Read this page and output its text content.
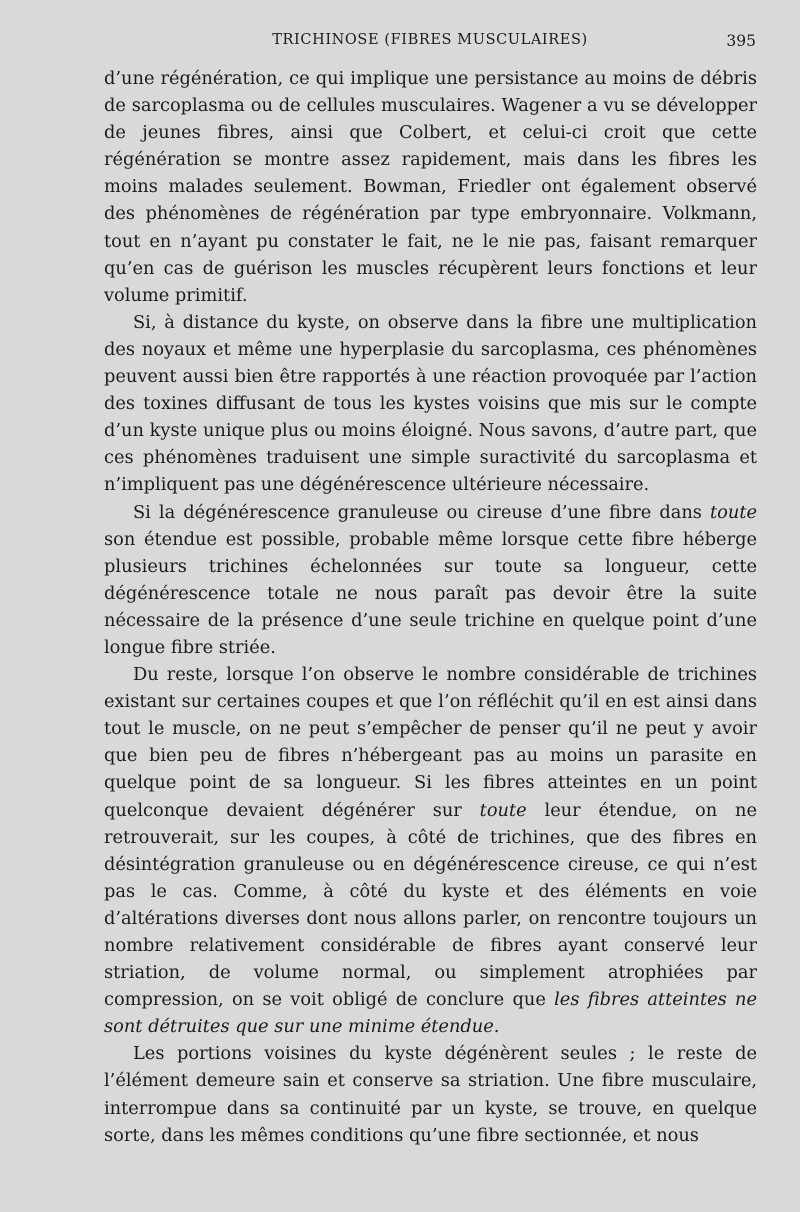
TRICHINOSE (FIBRES MUSCULAIRES)	395

d’une régénération, ce qui implique une persistance au moins de débris de sarcoplasma ou de cellules musculaires. Wagener a vu se développer de jeunes fibres, ainsi que Colbert, et celui-ci croit que cette régénération se montre assez rapidement, mais dans les fibres les moins malades seulement. Bowman, Friedler ont également observé des phénomènes de régénération par type embryonnaire. Volkmann, tout en n’ayant pu constater le fait, ne le nie pas, faisant remarquer qu’en cas de guérison les muscles récupèrent leurs fonctions et leur volume primitif.

Si, à distance du kyste, on observe dans la fibre une multiplication des noyaux et même une hyperplasie du sarcoplasma, ces phénomènes peuvent aussi bien être rapportés à une réaction provoquée par l’action des toxines diffusant de tous les kystes voisins que mis sur le compte d’un kyste unique plus ou moins éloigné. Nous savons, d’autre part, que ces phénomènes traduisent une simple suractivité du sarcoplasma et n’impliquent pas une dégénérescence ultérieure nécessaire.

Si la dégénérescence granuleuse ou cireuse d’une fibre dans toute son étendue est possible, probable même lorsque cette fibre héberge plusieurs trichines échelonnées sur toute sa longueur, cette dégénérescence totale ne nous paraît pas devoir être la suite nécessaire de la présence d’une seule trichine en quelque point d’une longue fibre striée.

Du reste, lorsque l’on observe le nombre considérable de trichines existant sur certaines coupes et que l’on réfléchit qu’il en est ainsi dans tout le muscle, on ne peut s’empêcher de penser qu’il ne peut y avoir que bien peu de fibres n’hébergeant pas au moins un parasite en quelque point de sa longueur. Si les fibres atteintes en un point quelconque devaient dégénérer sur toute leur étendue, on ne retrouverait, sur les coupes, à côté de trichines, que des fibres en désintégration granuleuse ou en dégénérescence cireuse, ce qui n’est pas le cas. Comme, à côté du kyste et des éléments en voie d’altérations diverses dont nous allons parler, on rencontre toujours un nombre relativement considérable de fibres ayant conservé leur striation, de volume normal, ou simplement atrophiées par compression, on se voit obligé de conclure que les fibres atteintes ne sont détruites que sur une minime étendue.

Les portions voisines du kyste dégénèrent seules ; le reste de l’élément demeure sain et conserve sa striation. Une fibre musculaire, interrompue dans sa continuité par un kyste, se trouve, en quelque sorte, dans les mêmes conditions qu’une fibre sectionnée, et nous
